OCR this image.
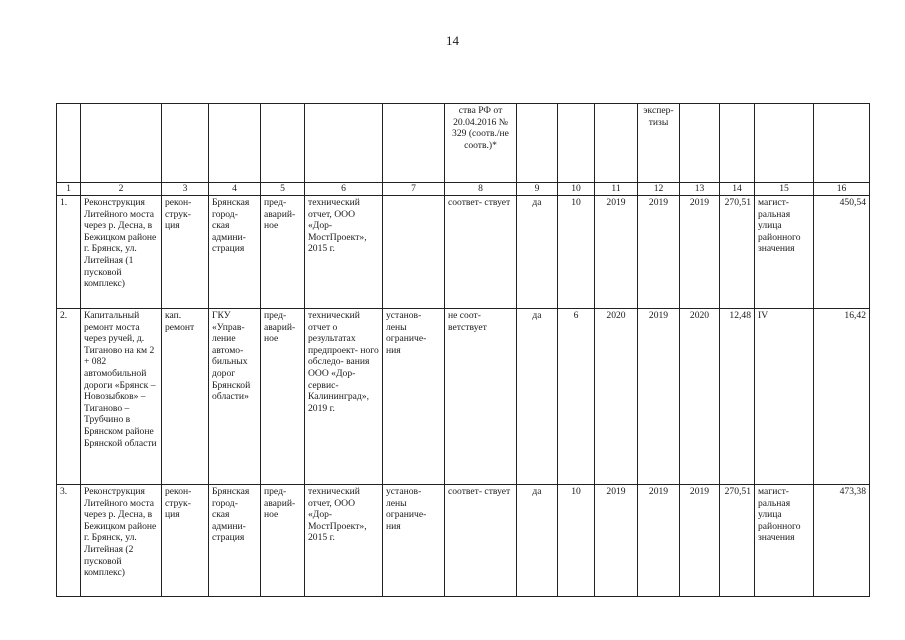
14
							ства РФ от 20.04.2016 № 329 (соотв./не соотв.)*				экспер- тизы				
1	2	3	4	5	6	7	8	9	10	11	12	13	14	15	16
1.	Реконструкция Литейного моста через р. Десна, в Бежицком районе г. Брянск, ул. Литейная (1 пусковой комплекс)	рекон- струк- ция	Брянская город- ская админи- страция	пред- аварий- ное	технический отчет, ООО «Дор- МостПроект», 2015 г.		соответ- ствует	да	10	2019	2019	2019	270,51	магист- ральная улица районного значения	450,54
2.	Капитальный ремонт моста через ручей, д. Тиганово на км 2 + 082 автомобильной дороги «Брянск – Новозыбков» – Тиганово – Трубчино в Брянском районе Брянской области	кап. ремонт	ГКУ «Управ- ление автомо- бильных дорог Брянской области»	пред- аварий- ное	технический отчет о результатах предпроект- ного обследо- вания ООО «Дор- сервис- Калининград», 2019 г.	установ- лены ограниче- ния	не соот- ветствует	да	6	2020	2019	2020	12,48	IV	16,42
3.	Реконструкция Литейного моста через р. Десна, в Бежицком районе г. Брянск, ул. Литейная (2 пусковой комплекс)	рекон- струк- ция	Брянская город- ская админи- страция	пред- аварий- ное	технический отчет, ООО «Дор- МостПроект», 2015 г.	установ- лены ограниче- ния	соответ- ствует	да	10	2019	2019	2019	270,51	магист- ральная улица районного значения	473,38
